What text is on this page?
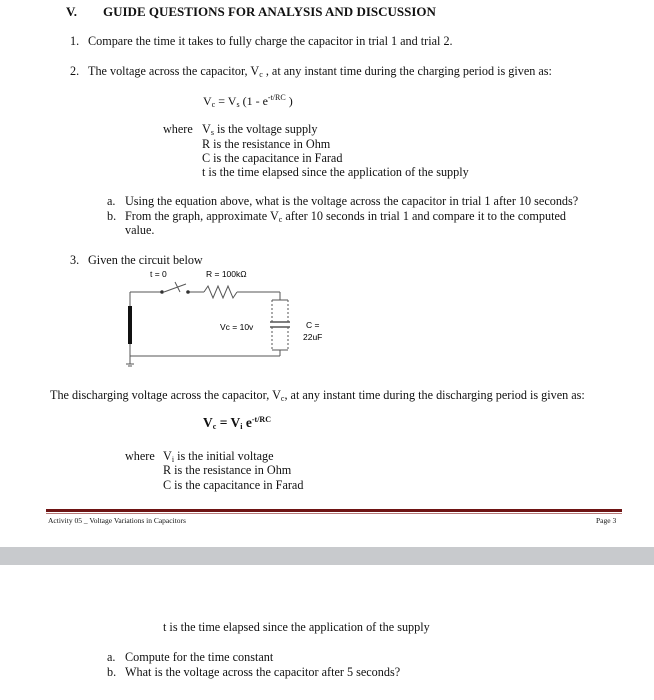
V. GUIDE QUESTIONS FOR ANALYSIS AND DISCUSSION
1. Compare the time it takes to fully charge the capacitor in trial 1 and trial 2.
2. The voltage across the capacitor, $V_c$ , at any instant time during the charging period is given as:
$V_c = V_s$ ($1 - e^{-t/RC}$ )
where $V_s$ is the voltage supply
R is the resistance in Ohm
C is the capacitance in Farad
t is the time elapsed since the application of the supply
a. Using the equation above, what is the voltage across the capacitor in trial 1 after 10 seconds?
b. From the graph, approximate $V_c$ after 10 seconds in trial 1 and compare it to the computed
value.
3. Given the circuit below
t = 0	R = 100kΩ
Vc = 10v	C =
22uF
The discharging voltage across the capacitor, $V_c$, at any instant time during the discharging period is given as:
$V_c = V_i$ $e^{-t/RC}$
where $V_i$ is the initial voltage
R is the resistance in Ohm
C is the capacitance in Farad
Activity 05 _ Voltage Variations in Capacitors	Page 3
t is the time elapsed since the application of the supply
a. Compute for the time constant
b. What is the voltage across the capacitor after 5 seconds?
